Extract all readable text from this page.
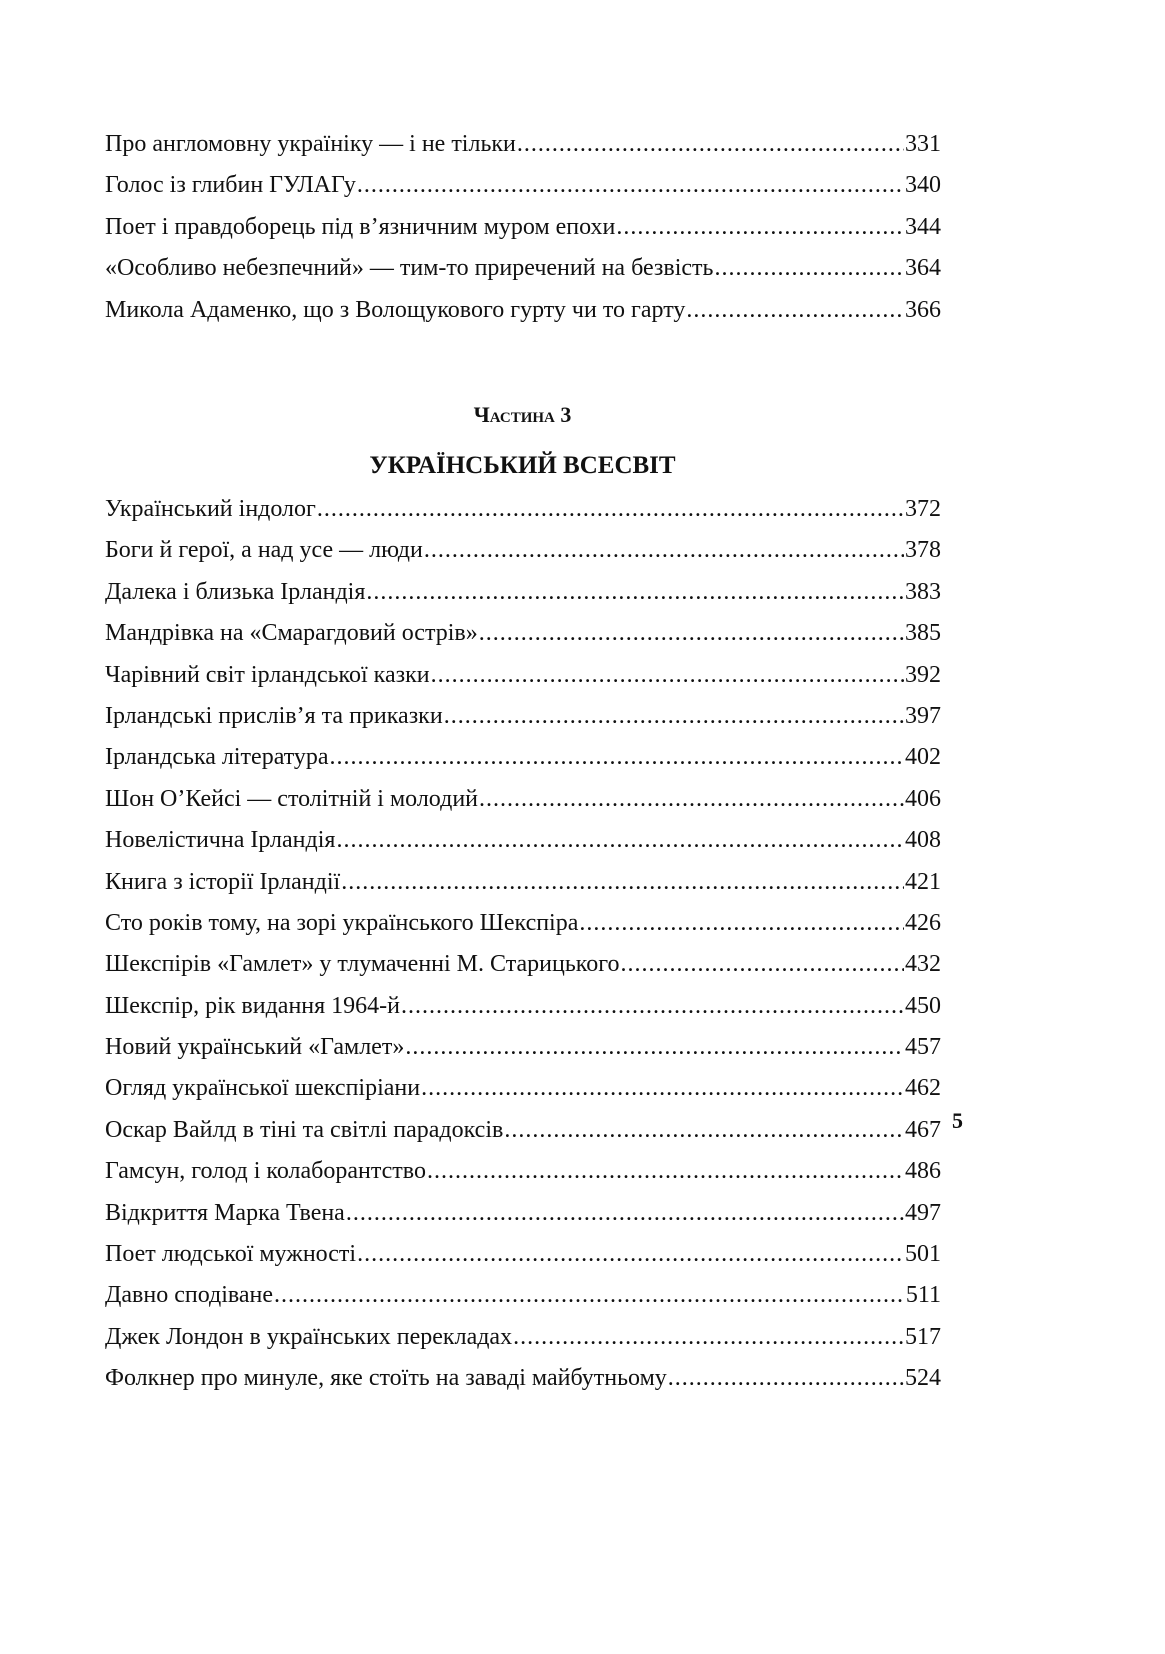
Про англомовну україніку — і не тільки .....	331
Голос із глибин ГУЛАГу .....	340
Поет і правдоборець під в’язничним муром епохи .....	344
«Особливо небезпечний» — тим-то приречений на безвість .....	364
Микола Адаменко, що з Волощукового гурту чи то гарту .....	366
Частина 3
УКРАЇНСЬКИЙ ВСЕСВІТ
Український індолог .....	372
Боги й герої, а над усе — люди .....	378
Далека і близька Ірландія .....	383
Мандрівка на «Смарагдовий острів» .....	385
Чарівний світ ірландської казки .....	392
Ірландські прислів’я та приказки .....	397
Ірландська література .....	402
Шон О’Кейсі — столітній і молодий .....	406
Новелістична Ірландія .....	408
Книга з історії Ірландії .....	421
Сто років тому, на зорі українського Шекспіра .....	426
Шекспірів «Гамлет» у тлумаченні М. Старицького .....	432
Шекспір, рік видання 1964-й .....	450
Новий український «Гамлет» .....	457
Огляд української шекспіріани .....	462
Оскар Вайлд в тіні та світлі парадоксів .....	467
Гамсун, голод і колаборантство .....	486
Відкриття Марка Твена .....	497
Поет людської мужності .....	501
Давно сподіване .....	511
Джек Лондон в українських перекладах .....	517
Фолкнер про минуле, яке стоїть на заваді майбутньому .....	524
5
